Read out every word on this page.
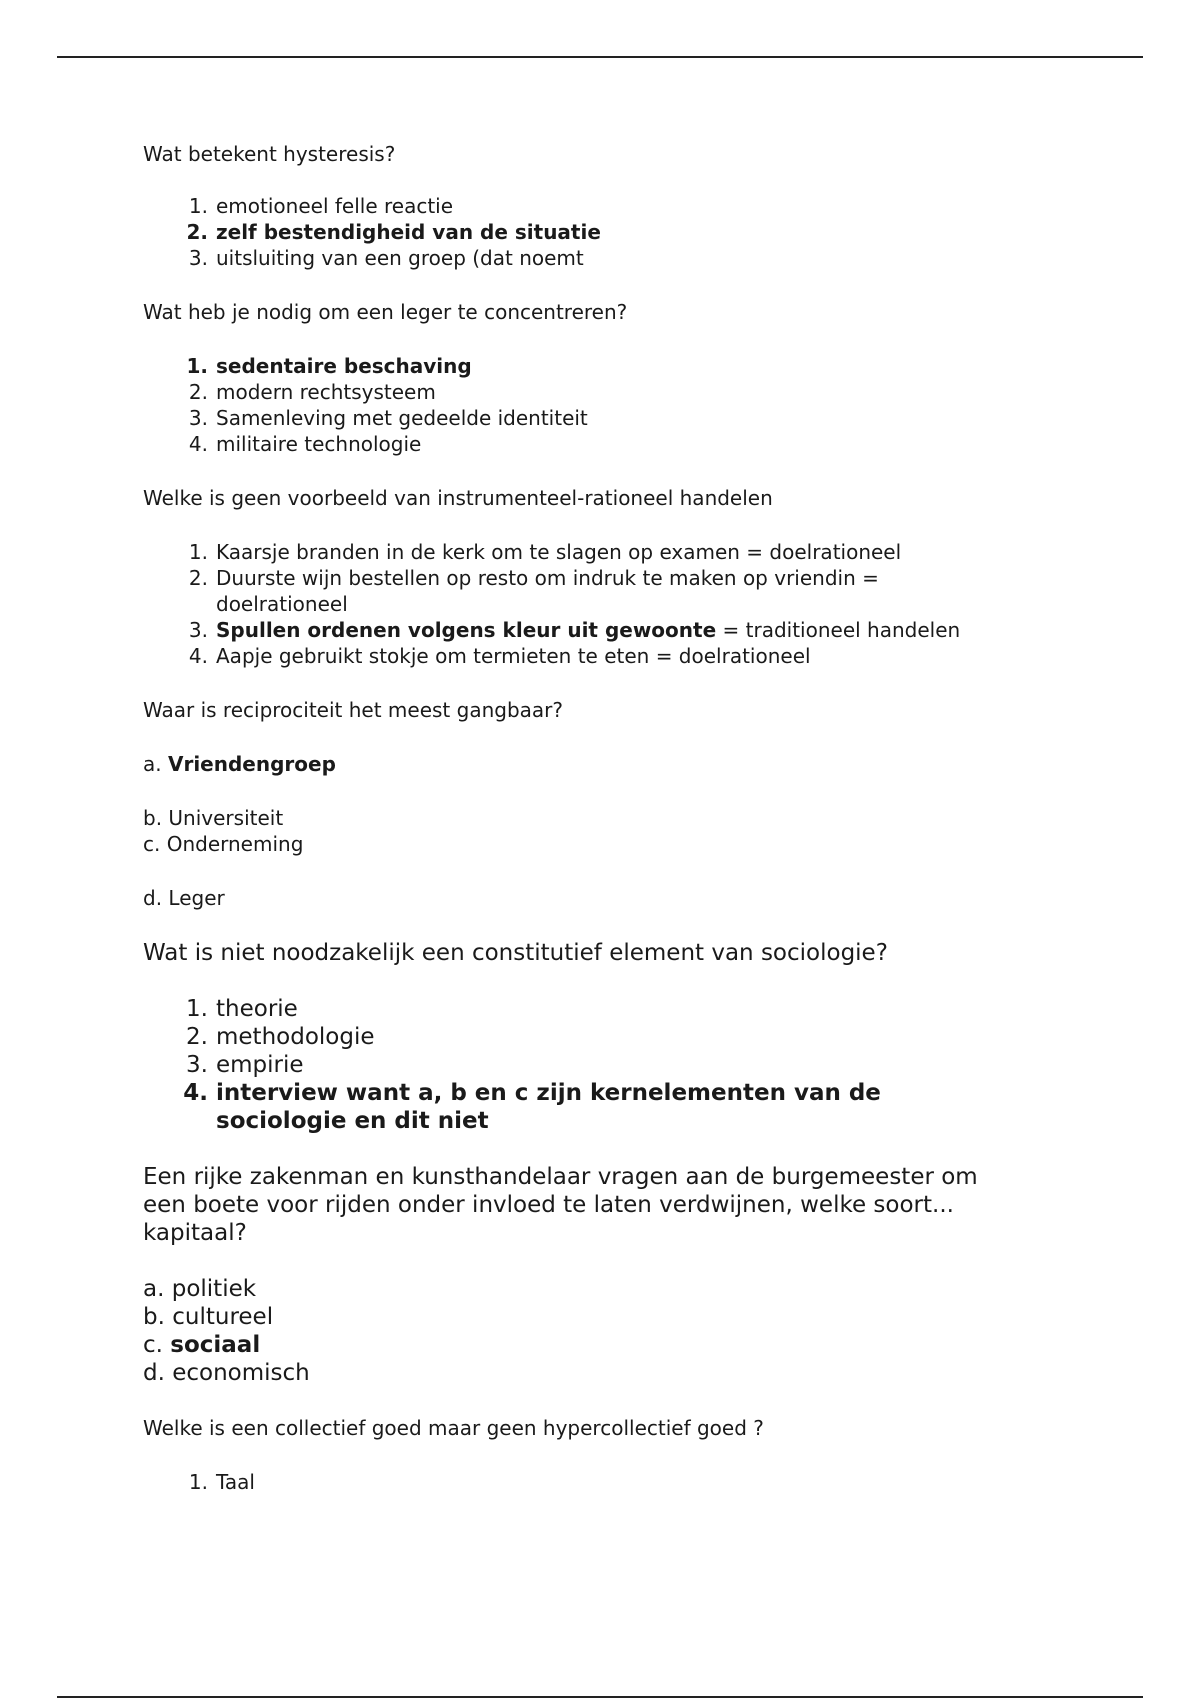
Wat betekent hysteresis?

1. emotioneel felle reactie
2. zelf bestendigheid van de situatie
3. uitsluiting van een groep (dat noemt

Wat heb je nodig om een leger te concentreren?

1. sedentaire beschaving
2. modern rechtsysteem
3. Samenleving met gedeelde identiteit
4. militaire technologie

Welke is geen voorbeeld van instrumenteel-rationeel handelen

1. Kaarsje branden in de kerk om te slagen op examen = doelrationeel
2. Duurste wijn bestellen op resto om indruk te maken op vriendin = doelrationeel
3. Spullen ordenen volgens kleur uit gewoonte = traditioneel handelen
4. Aapje gebruikt stokje om termieten te eten = doelrationeel

Waar is reciprociteit het meest gangbaar?

a. Vriendengroep
b. Universiteit
c. Onderneming
d. Leger

Wat is niet noodzakelijk een constitutief element van sociologie?

1. theorie
2. methodologie
3. empirie
4. interview want a, b en c zijn kernelementen van de sociologie en dit niet

Een rijke zakenman en kunsthandelaar vragen aan de burgemeester om een boete voor rijden onder invloed te laten verdwijnen, welke soort... kapitaal?

a. politiek
b. cultureel
c. sociaal
d. economisch

Welke is een collectief goed maar geen hypercollectief goed ?

1. Taal
